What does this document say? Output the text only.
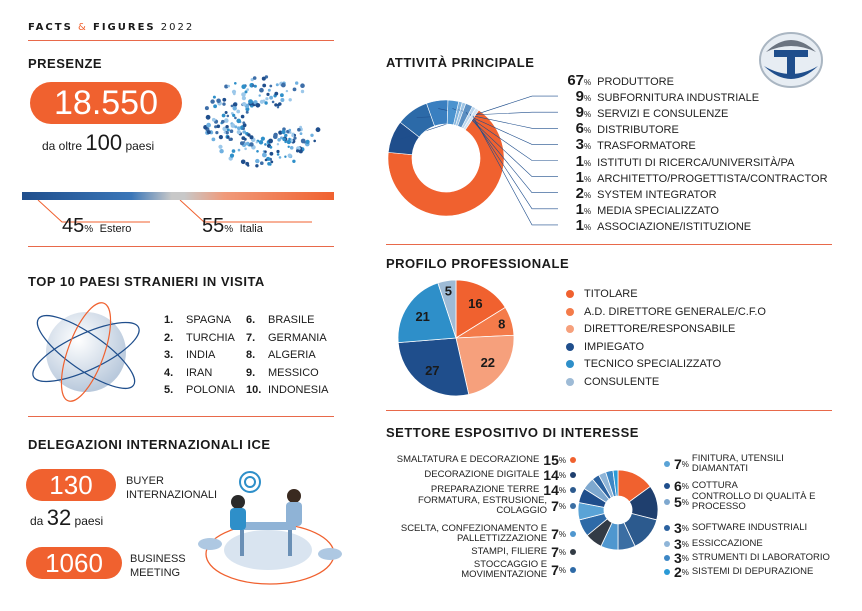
FACTS & FIGURES 2022
PRESENZE
18.550
da oltre 100 paesi
45% Estero	55% Italia
TOP 10 PAESI STRANIERI IN VISITA
1. SPAGNA
2. TURCHIA
3. INDIA
4. IRAN
5. POLONIA
6. BRASILE
7. GERMANIA
8. ALGERIA
9. MESSICO
10. INDONESIA
DELEGAZIONI INTERNAZIONALI ICE
130	BUYER
INTERNAZIONALI
da 32 paesi
1060	BUSINESS
MEETING
ATTIVITÀ PRINCIPALE
67 % PRODUTTORE
9 % SUBFORNITURA INDUSTRIALE
9 % SERVIZI E CONSULENZE
6 % DISTRIBUTORE
3 % TRASFORMATORE
1 % ISTITUTI DI RICERCA/UNIVERSITÀ/PA
1 % ARCHITETTO/PROGETTISTA/CONTRACTOR
2 % SYSTEM INTEGRATOR
1 % MEDIA SPECIALIZZATO
1 % ASSOCIAZIONE/ISTITUZIONE
PROFILO PROFESSIONALE
16
8
22
27
21
5	TITOLARE
A.D. DIRETTORE GENERALE/C.F.O
DIRETTORE/RESPONSABILE
IMPIEGATO
TECNICO SPECIALIZZATO
CONSULENTE
SETTORE ESPOSITIVO DI INTERESSE
SMALTATURA E DECORAZIONE 15 %
DECORAZIONE DIGITALE 14 %
PREPARAZIONE TERRE 14 %
FORMATURA, ESTRUSIONE, COLAGGIO 7 %
SCELTA, CONFEZIONAMENTO E PALLETTIZZAZIONE 7 %
STAMPI, FILIERE 7 %
STOCCAGGIO E MOVIMENTAZIONE 7 %
7 % FINITURA, UTENSILI DIAMANTATI
6 % COTTURA
5 % CONTROLLO DI QUALITÀ E PROCESSO
3 % SOFTWARE INDUSTRIALI
3 % ESSICCAZIONE
3 % STRUMENTI DI LABORATORIO
2 % SISTEMI DI DEPURAZIONE
